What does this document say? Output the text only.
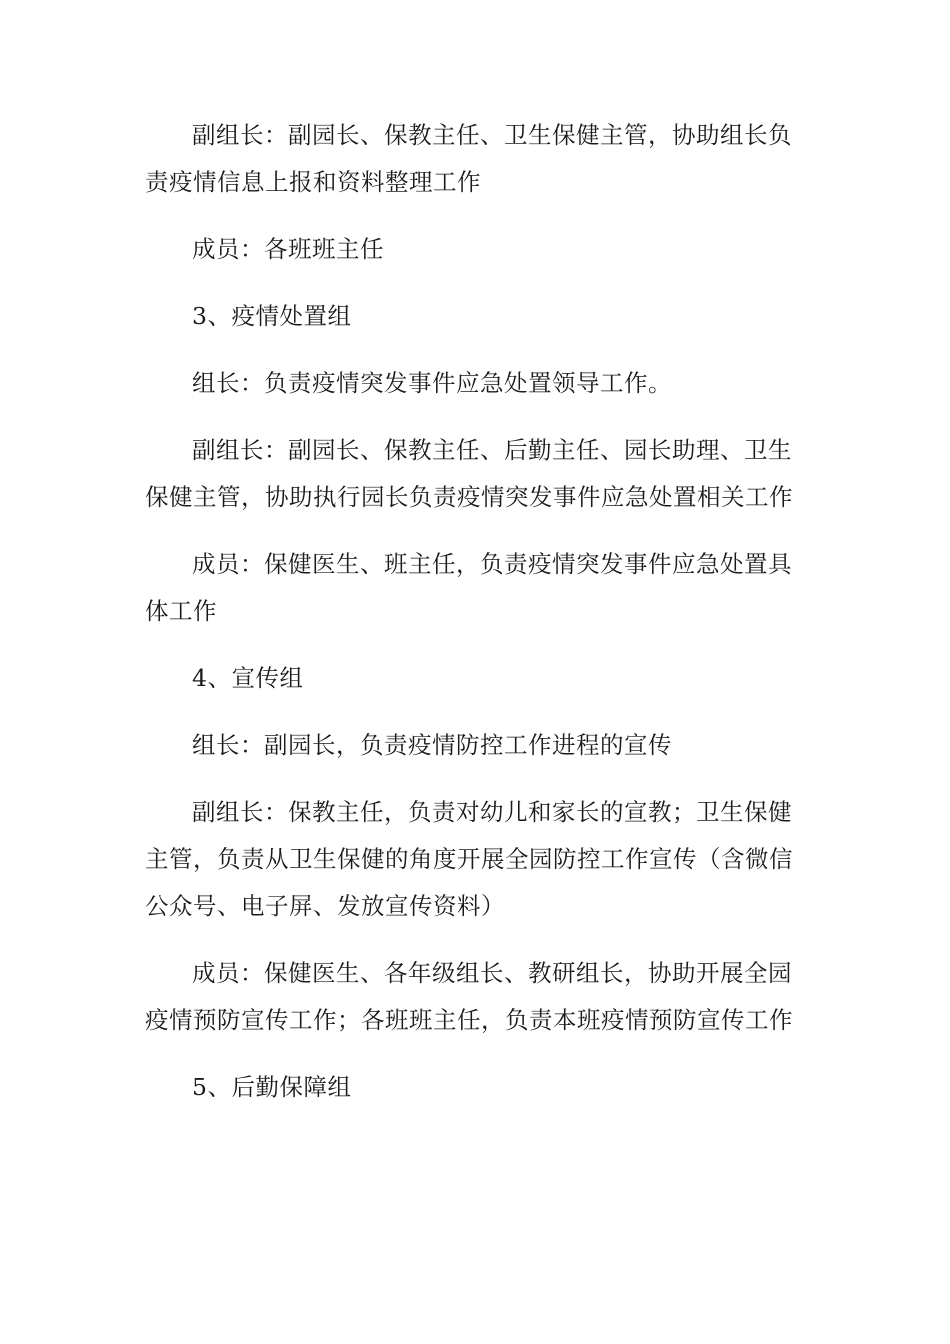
副组长：副园长、保教主任、卫生保健主管，协助组长负责疫情信息上报和资料整理工作

成员：各班班主任

3、疫情处置组

组长：负责疫情突发事件应急处置领导工作。

副组长：副园长、保教主任、后勤主任、园长助理、卫生保健主管，协助执行园长负责疫情突发事件应急处置相关工作

成员：保健医生、班主任，负责疫情突发事件应急处置具体工作

4、宣传组

组长：副园长，负责疫情防控工作进程的宣传

副组长：保教主任，负责对幼儿和家长的宣教；卫生保健主管，负责从卫生保健的角度开展全园防控工作宣传（含微信公众号、电子屏、发放宣传资料）

成员：保健医生、各年级组长、教研组长，协助开展全园疫情预防宣传工作；各班班主任，负责本班疫情预防宣传工作

5、后勤保障组
